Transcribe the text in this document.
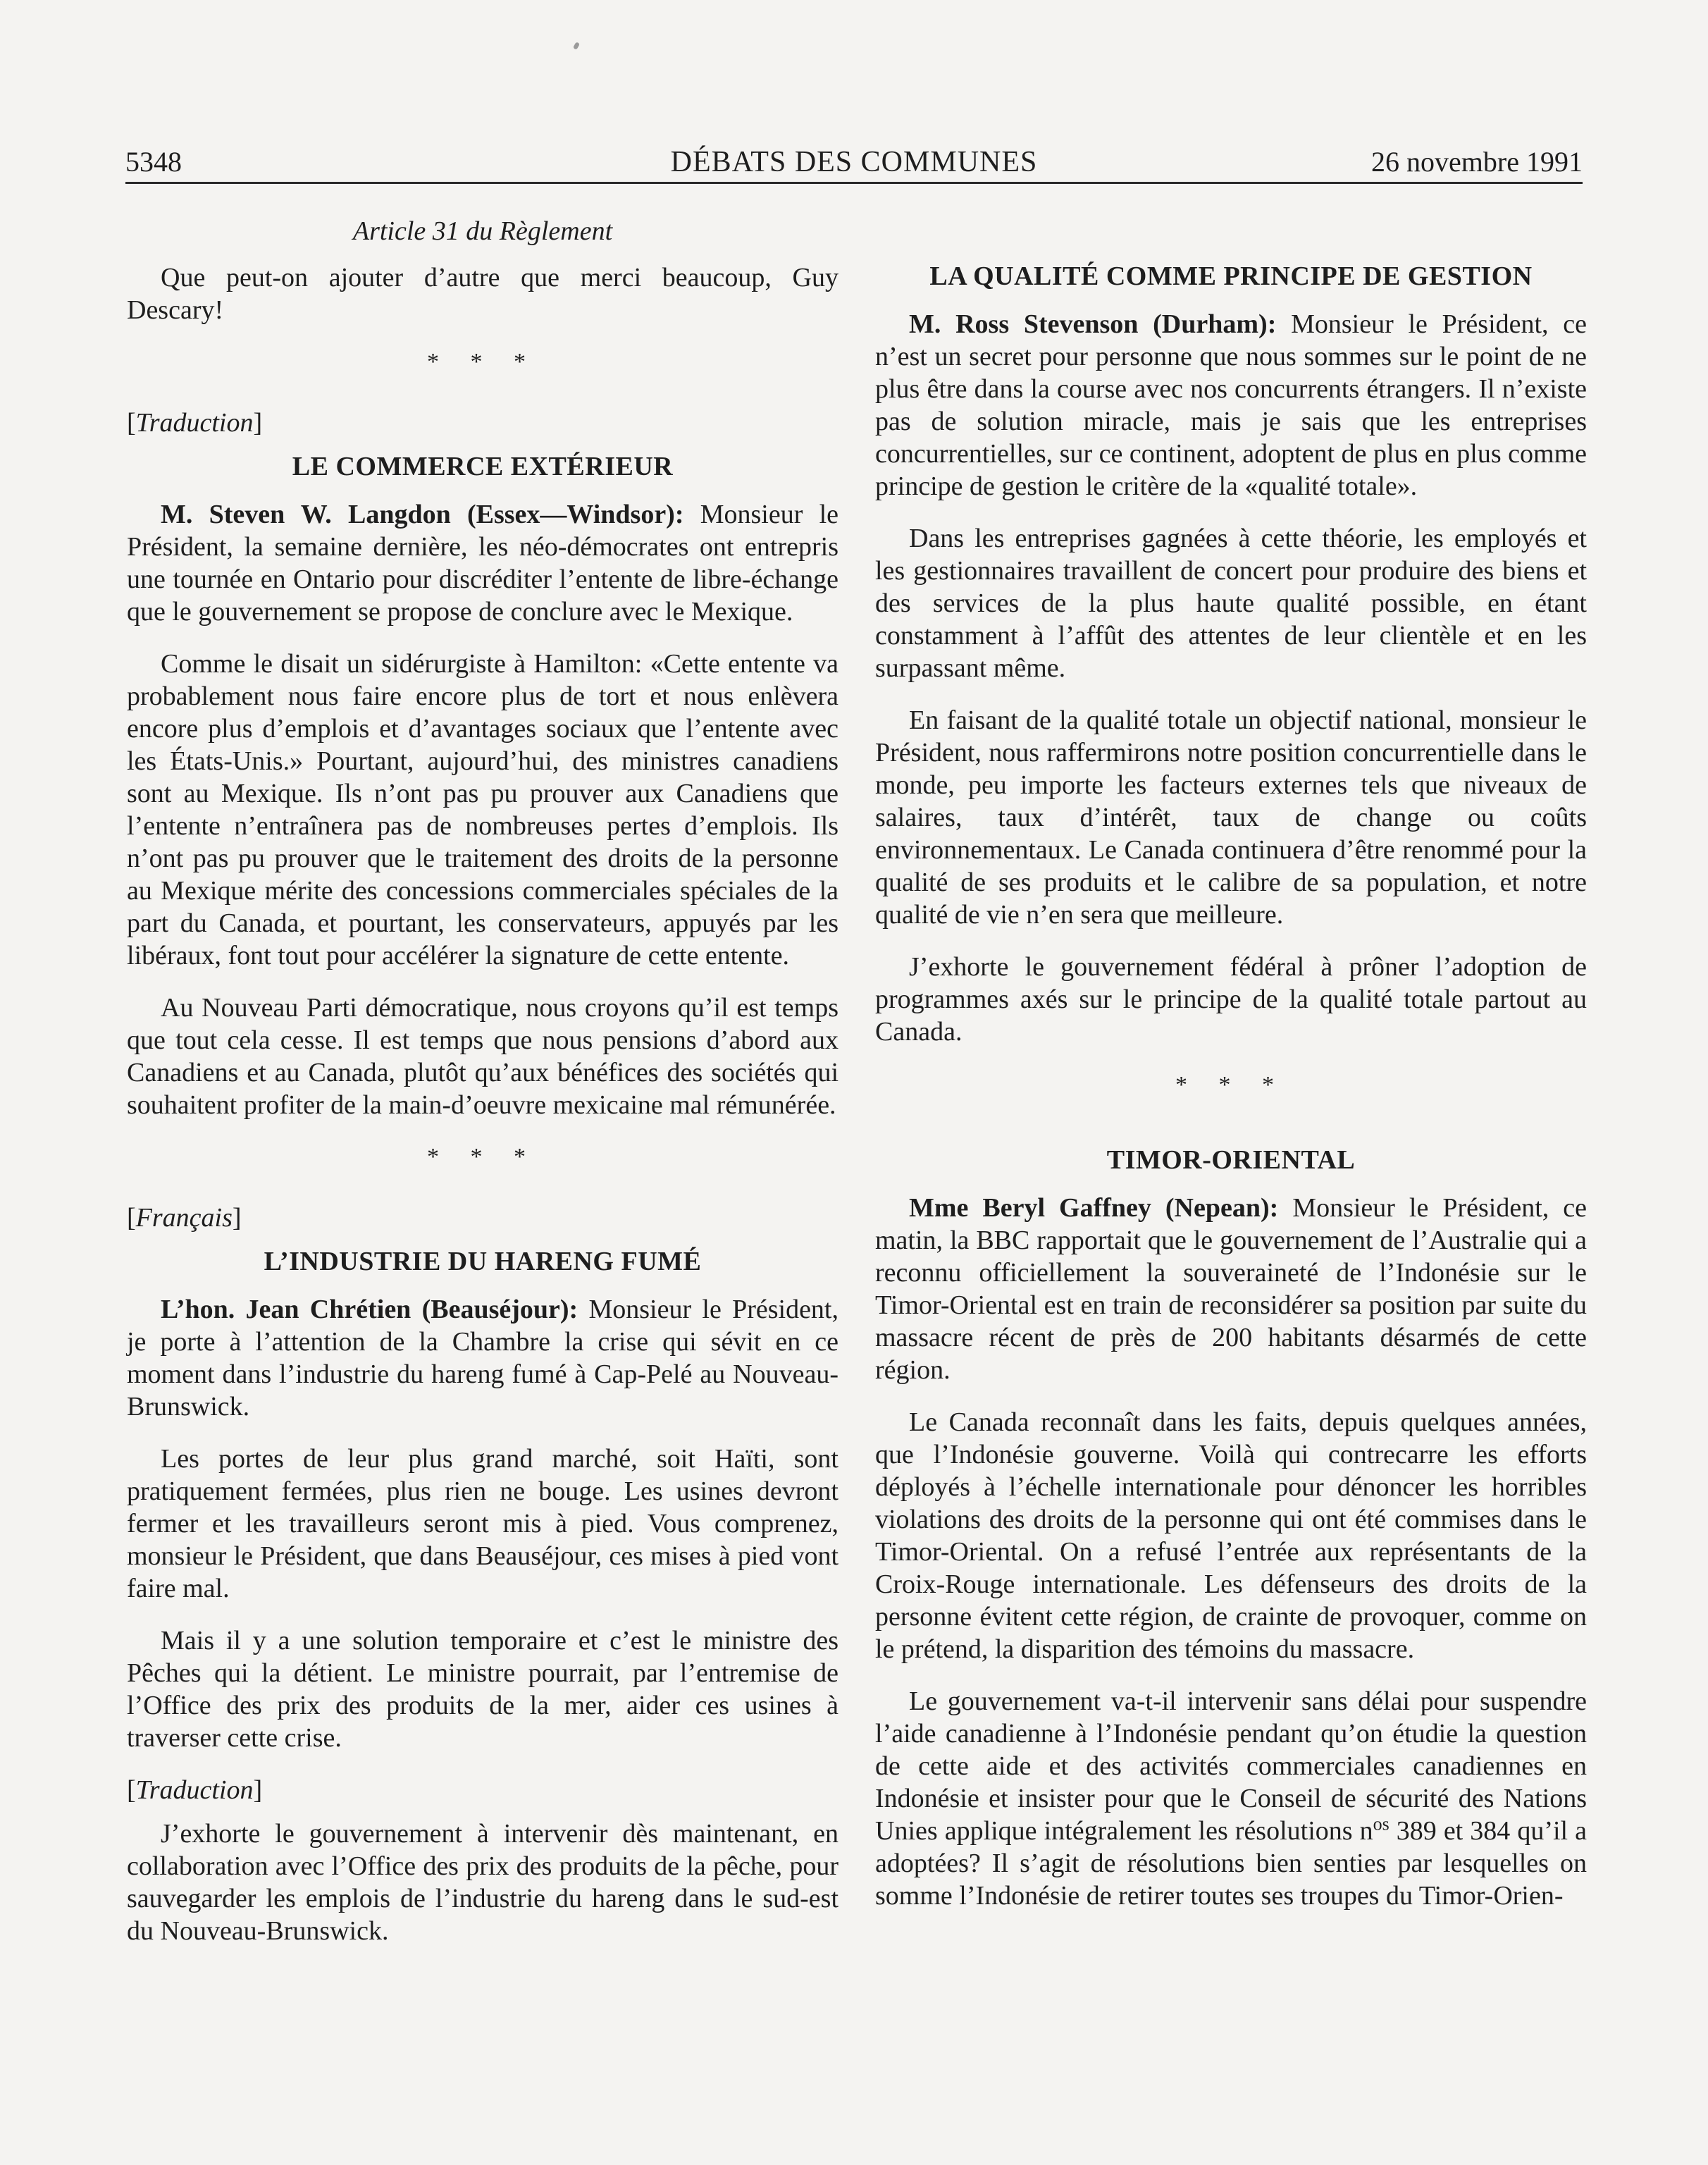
5348	DÉBATS DES COMMUNES	26 novembre 1991
Article 31 du Règlement

Que peut-on ajouter d’autre que merci beaucoup, Guy Descary!

* * *
[Traduction]
LE COMMERCE EXTÉRIEUR

M. Steven W. Langdon (Essex—Windsor): Monsieur le Président, la semaine dernière, les néo-démocrates ont entrepris une tournée en Ontario pour discréditer l’entente de libre-échange que le gouvernement se propose de conclure avec le Mexique.

Comme le disait un sidérurgiste à Hamilton: «Cette entente va probablement nous faire encore plus de tort et nous enlèvera encore plus d’emplois et d’avantages sociaux que l’entente avec les États-Unis.» Pourtant, aujourd’hui, des ministres canadiens sont au Mexique. Ils n’ont pas pu prouver aux Canadiens que l’entente n’entraînera pas de nombreuses pertes d’emplois. Ils n’ont pas pu prouver que le traitement des droits de la personne au Mexique mérite des concessions commerciales spéciales de la part du Canada, et pourtant, les conservateurs, appuyés par les libéraux, font tout pour accélérer la signature de cette entente.

Au Nouveau Parti démocratique, nous croyons qu’il est temps que tout cela cesse. Il est temps que nous pensions d’abord aux Canadiens et au Canada, plutôt qu’aux bénéfices des sociétés qui souhaitent profiter de la main-d’oeuvre mexicaine mal rémunérée.

* * *
[Français]
L’INDUSTRIE DU HARENG FUMÉ

L’hon. Jean Chrétien (Beauséjour): Monsieur le Président, je porte à l’attention de la Chambre la crise qui sévit en ce moment dans l’industrie du hareng fumé à Cap-Pelé au Nouveau-Brunswick.

Les portes de leur plus grand marché, soit Haïti, sont pratiquement fermées, plus rien ne bouge. Les usines devront fermer et les travailleurs seront mis à pied. Vous comprenez, monsieur le Président, que dans Beauséjour, ces mises à pied vont faire mal.

Mais il y a une solution temporaire et c’est le ministre des Pêches qui la détient. Le ministre pourrait, par l’entremise de l’Office des prix des produits de la mer, aider ces usines à traverser cette crise.

[Traduction]

J’exhorte le gouvernement à intervenir dès maintenant, en collaboration avec l’Office des prix des produits de la pêche, pour sauvegarder les emplois de l’industrie du hareng dans le sud-est du Nouveau-Brunswick.

LA QUALITÉ COMME PRINCIPE DE GESTION

M. Ross Stevenson (Durham): Monsieur le Président, ce n’est un secret pour personne que nous sommes sur le point de ne plus être dans la course avec nos concurrents étrangers. Il n’existe pas de solution miracle, mais je sais que les entreprises concurrentielles, sur ce continent, adoptent de plus en plus comme principe de gestion le critère de la «qualité totale».

Dans les entreprises gagnées à cette théorie, les employés et les gestionnaires travaillent de concert pour produire des biens et des services de la plus haute qualité possible, en étant constamment à l’affût des attentes de leur clientèle et en les surpassant même.

En faisant de la qualité totale un objectif national, monsieur le Président, nous raffermirons notre position concurrentielle dans le monde, peu importe les facteurs externes tels que niveaux de salaires, taux d’intérêt, taux de change ou coûts environnementaux. Le Canada continuera d’être renommé pour la qualité de ses produits et le calibre de sa population, et notre qualité de vie n’en sera que meilleure.

J’exhorte le gouvernement fédéral à prôner l’adoption de programmes axés sur le principe de la qualité totale partout au Canada.

* * *
TIMOR-ORIENTAL

Mme Beryl Gaffney (Nepean): Monsieur le Président, ce matin, la BBC rapportait que le gouvernement de l’Australie qui a reconnu officiellement la souveraineté de l’Indonésie sur le Timor-Oriental est en train de reconsidérer sa position par suite du massacre récent de près de 200 habitants désarmés de cette région.

Le Canada reconnaît dans les faits, depuis quelques années, que l’Indonésie gouverne. Voilà qui contrecarre les efforts déployés à l’échelle internationale pour dénoncer les horribles violations des droits de la personne qui ont été commises dans le Timor-Oriental. On a refusé l’entrée aux représentants de la Croix-Rouge internationale. Les défenseurs des droits de la personne évitent cette région, de crainte de provoquer, comme on le prétend, la disparition des témoins du massacre.

Le gouvernement va-t-il intervenir sans délai pour suspendre l’aide canadienne à l’Indonésie pendant qu’on étudie la question de cette aide et des activités commerciales canadiennes en Indonésie et insister pour que le Conseil de sécurité des Nations Unies applique intégralement les résolutions $n^{os}$ 389 et 384 qu’il a adoptées? Il s’agit de résolutions bien senties par lesquelles on somme l’Indonésie de retirer toutes ses troupes du Timor-Orien-
